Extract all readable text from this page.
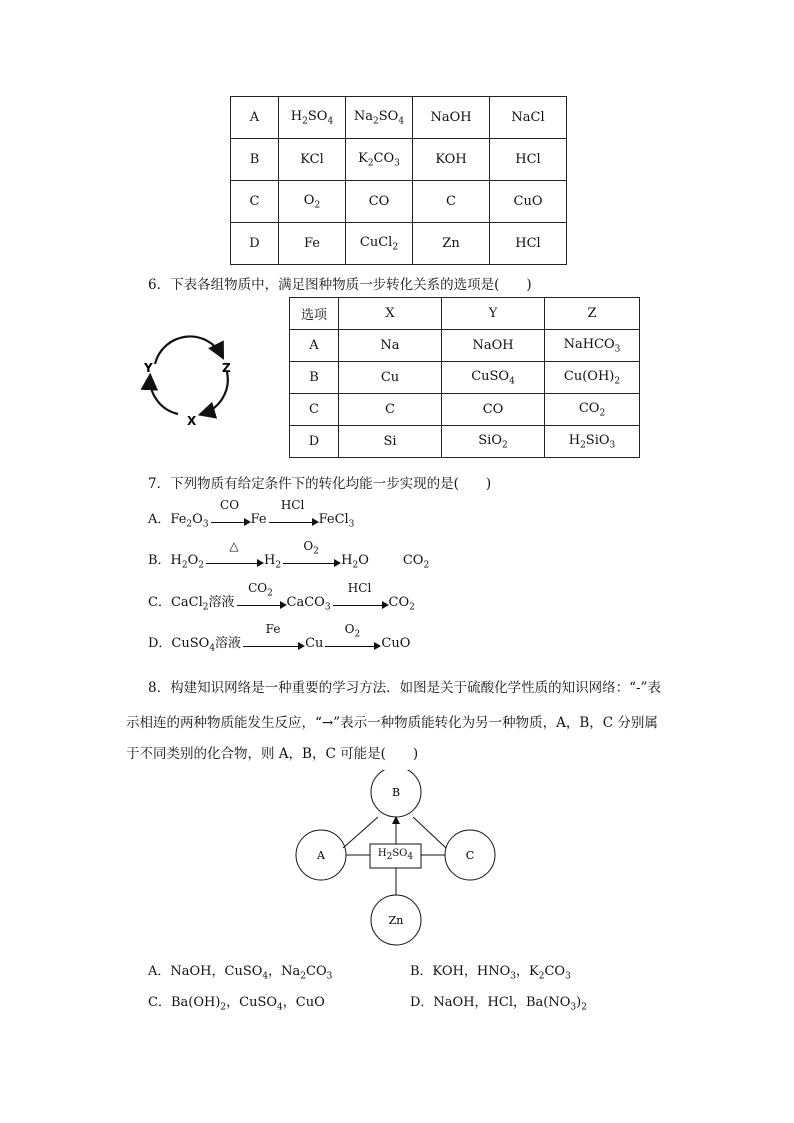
A	$H_2SO_4$	$Na_2SO_4$	NaOH	NaCl
B	KCl	$K_2CO_3$	KOH	HCl
C	$O_2$	CO	C	CuO
D	Fe	CuCl$_2$	Zn	HCl
6．下表各组物质中，满足图种物质一步转化关系的选项是(　　)
Y	Z
X
选项	X	Y	Z
A	Na	NaOH	NaHCO$_3$
B	Cu	CuSO$_4$	$Cu(OH)_2$
C	C	CO	$CO_2$
D	Si	SiO$_2$	$H_2SiO_3$
7．下列物质有给定条件下的转化均能一步实现的是(　　)
A．$Fe_2O_3$
CO
Fe
HCl
FeCl$_3$
B．$H_2O_2$
△
$H_2$
$O_2$
$H_2O$	$CO_2$
C．CaCl$_2$溶液
$CO_2$
CaCO$_3$
HCl
$CO_2$
D．CuSO$_4$溶液
Fe
Cu
$O_2$
CuO
8．构建知识网络是一种重要的学习方法．如图是关于硫酸化学性质的知识网络：“-”表
示相连的两种物质能发生反应，“→”表示一种物质能转化为另一种物质，A，B，C 分别属
于不同类别的化合物，则 A，B，C 可能是(　　)
B
A	C
Zn
$H_2SO_4$
A．NaOH，CuSO$_4$，$Na_2CO_3$	B．KOH，$HNO_3$，$K_2CO_3$
C．$Ba(OH)_2$，CuSO$_4$，CuO	D．NaOH，HCl，$Ba(NO_3)_2$
